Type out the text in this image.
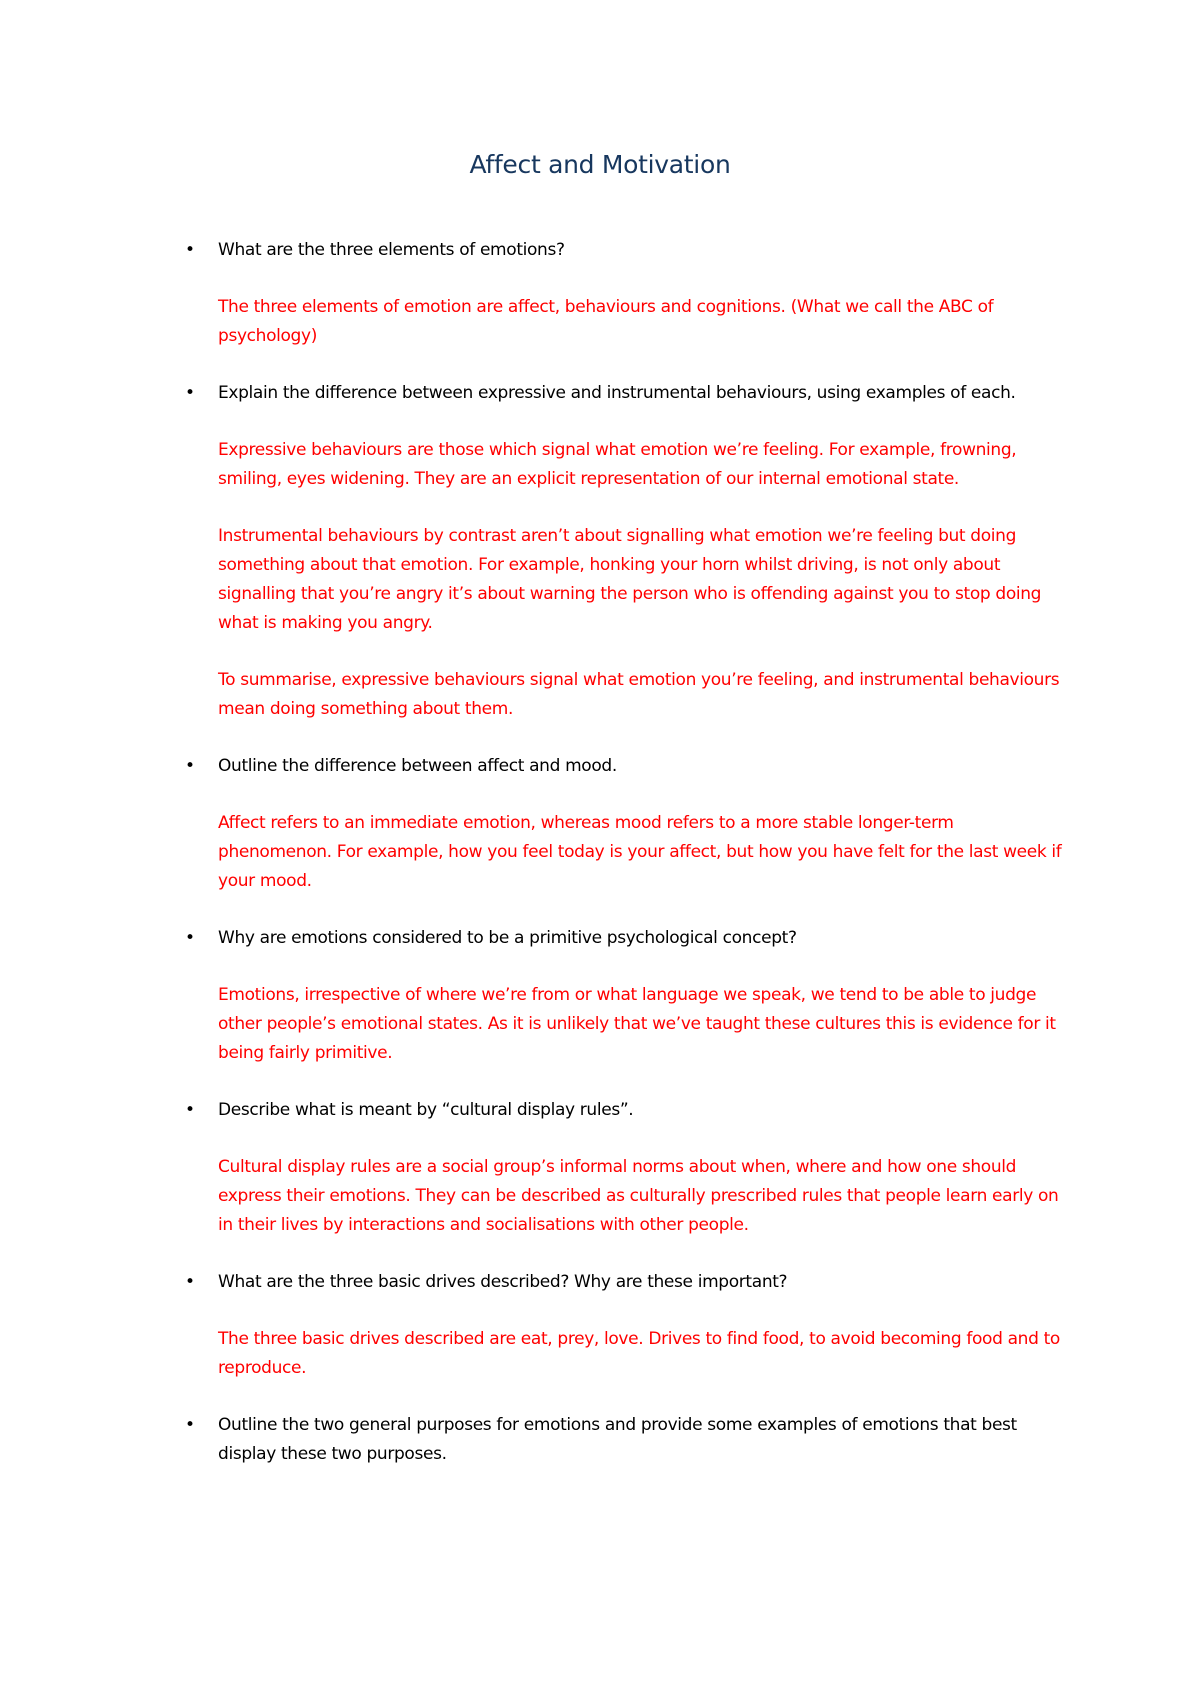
Affect and Motivation
• What are the three elements of emotions?

The three elements of emotion are affect, behaviours and cognitions. (What we call the ABC of psychology)

• Explain the difference between expressive and instrumental behaviours, using examples of each.

Expressive behaviours are those which signal what emotion we’re feeling. For example, frowning, smiling, eyes widening. They are an explicit representation of our internal emotional state.

Instrumental behaviours by contrast aren’t about signalling what emotion we’re feeling but doing something about that emotion. For example, honking your horn whilst driving, is not only about signalling that you’re angry it’s about warning the person who is offending against you to stop doing what is making you angry.

To summarise, expressive behaviours signal what emotion you’re feeling, and instrumental behaviours mean doing something about them.

• Outline the difference between affect and mood.

Affect refers to an immediate emotion, whereas mood refers to a more stable longer-term phenomenon. For example, how you feel today is your affect, but how you have felt for the last week if your mood.

• Why are emotions considered to be a primitive psychological concept?

Emotions, irrespective of where we’re from or what language we speak, we tend to be able to judge other people’s emotional states. As it is unlikely that we’ve taught these cultures this is evidence for it being fairly primitive.

• Describe what is meant by “cultural display rules”.

Cultural display rules are a social group’s informal norms about when, where and how one should express their emotions. They can be described as culturally prescribed rules that people learn early on in their lives by interactions and socialisations with other people.

• What are the three basic drives described? Why are these important?

The three basic drives described are eat, prey, love. Drives to find food, to avoid becoming food and to reproduce.

• Outline the two general purposes for emotions and provide some examples of emotions that best display these two purposes.
